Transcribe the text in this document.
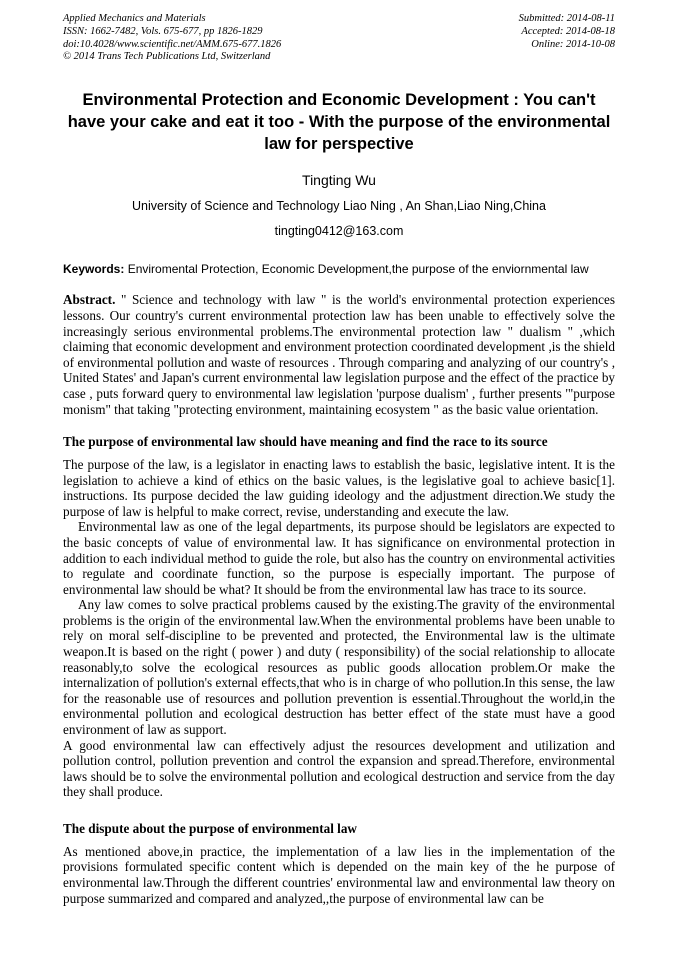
Applied Mechanics and Materials
ISSN: 1662-7482, Vols. 675-677, pp 1826-1829
doi:10.4028/www.scientific.net/AMM.675-677.1826
© 2014 Trans Tech Publications Ltd, Switzerland
Submitted: 2014-08-11
Accepted: 2014-08-18
Online: 2014-10-08
Environmental Protection and Economic Development : You can't have your cake and eat it too - With the purpose of the environmental law for perspective
Tingting Wu
University of Science and Technology Liao Ning , An Shan,Liao Ning,China
tingting0412@163.com

Keywords: Enviromental Protection, Economic Development,the purpose of the enviornmental law

Abstract. " Science and technology with law " is the world's environmental protection experiences lessons. Our country's current environmental protection law has been unable to effectively solve the increasingly serious environmental problems.The environmental protection law " dualism " ,which claiming that economic development and environment protection coordinated development ,is the shield of environmental pollution and waste of resources . Through comparing and analyzing of our country's , United States' and Japan's current environmental law legislation purpose and the effect of the practice by case , puts forward query to environmental law legislation 'purpose dualism' , further presents '"purpose monism" that taking "protecting environment, maintaining ecosystem " as the basic value orientation.

The purpose of environmental law should have meaning and find the race to its source

The purpose of the law, is a legislator in enacting laws to establish the basic, legislative intent. It is the legislation to achieve a kind of ethics on the basic values, is the legislative goal to achieve basic[1]. instructions. Its purpose decided the law guiding ideology and the adjustment direction.We study the purpose of law is helpful to make correct, revise, understanding and execute the law.

Environmental law as one of the legal departments, its purpose should be legislators are expected to the basic concepts of value of environmental law. It has significance on environmental protection in addition to each individual method to guide the role, but also has the country on environmental activities to regulate and coordinate function, so the purpose is especially important. The purpose of environmental law should be what? It should be from the environmental law has trace to its source.

Any law comes to solve practical problems caused by the existing.The gravity of the environmental problems is the origin of the environmental law.When the environmental problems have been unable to rely on moral self-discipline to be prevented and protected, the Environmental law is the ultimate weapon.It is based on the right ( power ) and duty ( responsibility) of the social relationship to allocate reasonably,to solve the ecological resources as public goods allocation problem.Or make the internalization of pollution's external effects,that who is in charge of who pollution.In this sense, the law for the reasonable use of resources and pollution prevention is essential.Throughout the world,in the environmental pollution and ecological destruction has better effect of the state must have a good environment of law as support.

A good environmental law can effectively adjust the resources development and utilization and pollution control, pollution prevention and control the expansion and spread.Therefore, environmental laws should be to solve the environmental pollution and ecological destruction and service from the day they shall produce.

The dispute about the purpose of environmental law

As mentioned above,in practice, the implementation of a law lies in the implementation of the provisions formulated specific content which is depended on the main key of the he purpose of environmental law.Through the different countries' environmental law and environmental law theory on purpose summarized and compared and analyzed,,the purpose of environmental law can be
